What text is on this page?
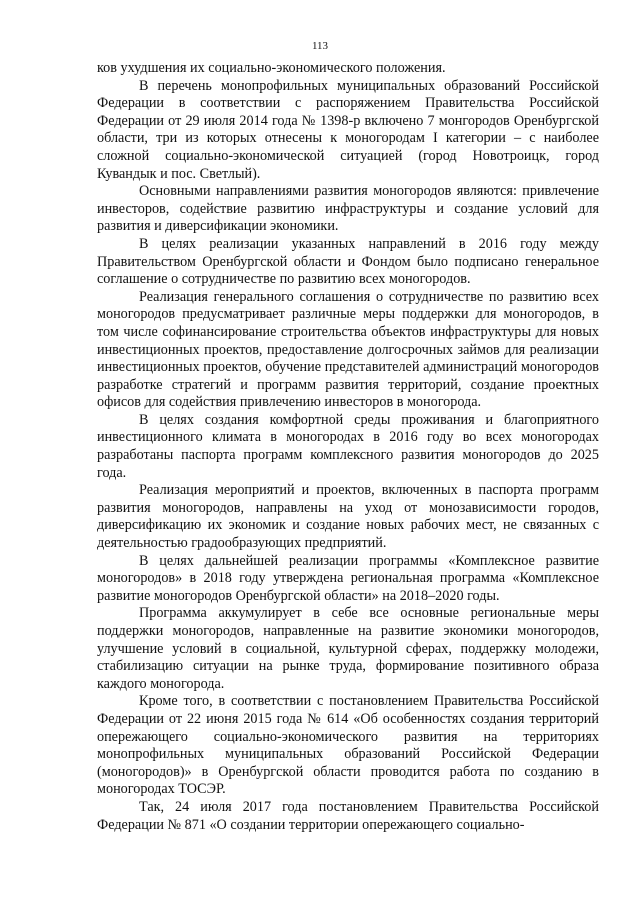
113

ков ухудшения их социально-экономического положения.

В перечень монопрофильных муниципальных образований Российской Федерации в соответствии с распоряжением Правительства Российской Федерации от 29 июля 2014 года № 1398-р включено 7 монгородов Оренбургской области, три из которых отнесены к моногородам I категории – с наиболее сложной социально-экономической ситуацией (город Новотроицк, город Кувандык и пос. Светлый).

Основными направлениями развития моногородов являются: привлечение инвесторов, содействие развитию инфраструктуры и создание условий для развития и диверсификации экономики.

В целях реализации указанных направлений в 2016 году между Правительством Оренбургской области и Фондом было подписано генеральное соглашение о сотрудничестве по развитию всех моногородов.

Реализация генерального соглашения о сотрудничестве по развитию всех моногородов предусматривает различные меры поддержки для моногородов, в том числе софинансирование строительства объектов инфраструктуры для новых инвестиционных проектов, предоставление долгосрочных займов для реализации инвестиционных проектов, обучение представителей администраций моногородов разработке стратегий и программ развития территорий, создание проектных офисов для содействия привлечению инвесторов в моногорода.

В целях создания комфортной среды проживания и благоприятного инвестиционного климата в моногородах в 2016 году во всех моногородах разработаны паспорта программ комплексного развития моногородов до 2025 года.

Реализация мероприятий и проектов, включенных в паспорта программ развития моногородов, направлены на уход от монозависимости городов, диверсификацию их экономик и создание новых рабочих мест, не связанных с деятельностью градообразующих предприятий.

В целях дальнейшей реализации программы «Комплексное развитие моногородов» в 2018 году утверждена региональная программа «Комплексное развитие моногородов Оренбургской области» на 2018–2020 годы.

Программа аккумулирует в себе все основные региональные меры поддержки моногородов, направленные на развитие экономики моногородов, улучшение условий в социальной, культурной сферах, поддержку молодежи, стабилизацию ситуации на рынке труда, формирование позитивного образа каждого моногорода.

Кроме того, в соответствии с постановлением Правительства Российской Федерации от 22 июня 2015 года № 614 «Об особенностях создания территорий опережающего социально-экономического развития на территориях монопрофильных муниципальных образований Российской Федерации (моногородов)» в Оренбургской области проводится работа по созданию в моногородах ТОСЭР.

Так, 24 июля 2017 года постановлением Правительства Российской Федерации № 871 «О создании территории опережающего социально-
